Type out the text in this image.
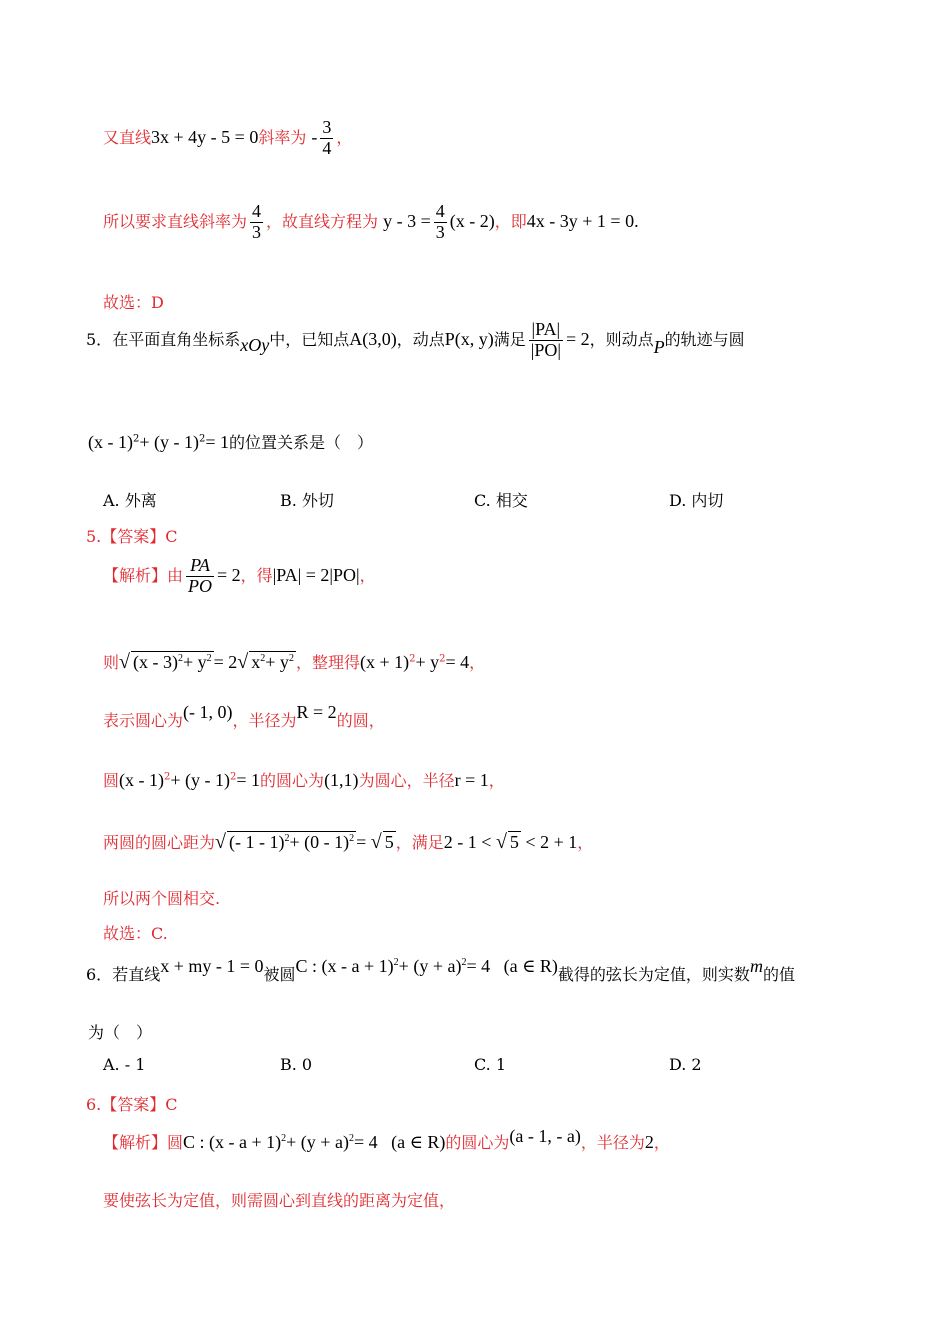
又直线3x + 4y - 5 = 0斜率为 - $\frac{3}{4}$ ，
所以要求直线斜率为 $\frac{4}{3}$ ，故直线方程为 $y - 3 = \frac{4}{3} (x - 2)$，即4x - 3y + 1 = 0.
故选：D
5．在平面直角坐标系xOy中，已知点A(3,0)，动点P(x, y)满足 $\frac{|PA|}{|PO|} = 2$，则动点P的轨迹与圆
(x - 1)$^2$+ (y - 1)$^2$= 1的位置关系是（　）
A. 外离	B. 外切	C. 相交	D. 内切
5.【答案】C
【解析】由 $\frac{PA}{PO} = 2$，得|PA| = 2|PO|，
则√ $(x - 3)^2+ y^2 = 2√$ $x^2+ y^2$ ，整理得$(x + 1)^2+ y^2= 4$，
表示圆心为(- 1, 0)，半径为R = 2的圆，
圆(x - 1)$^2$+ (y - 1)$^2$= 1的圆心为(1,1)为圆心，半径r = 1，
两圆的圆心距为√ (- 1 - 1)$^2$+ (0 - 1)$^2$ = √ 5 ，满足2 - 1 < √ 5 < 2 + 1，
所以两个圆相交.
故选：C.
6．若直线x + my - 1 = 0被圆C : $(x - a + 1)^2+ (y + a)^2= 4$ (a ∈ R)截得的弦长为定值，则实数m的值
为（　）
A. - 1	B. 0	C. 1	D. 2
6.【答案】C
【解析】圆C : $(x - a + 1)^2+ (y + a)^2= 4$ (a ∈ R)的圆心为(a - 1, - a)，半径为2，
要使弦长为定值，则需圆心到直线的距离为定值，
